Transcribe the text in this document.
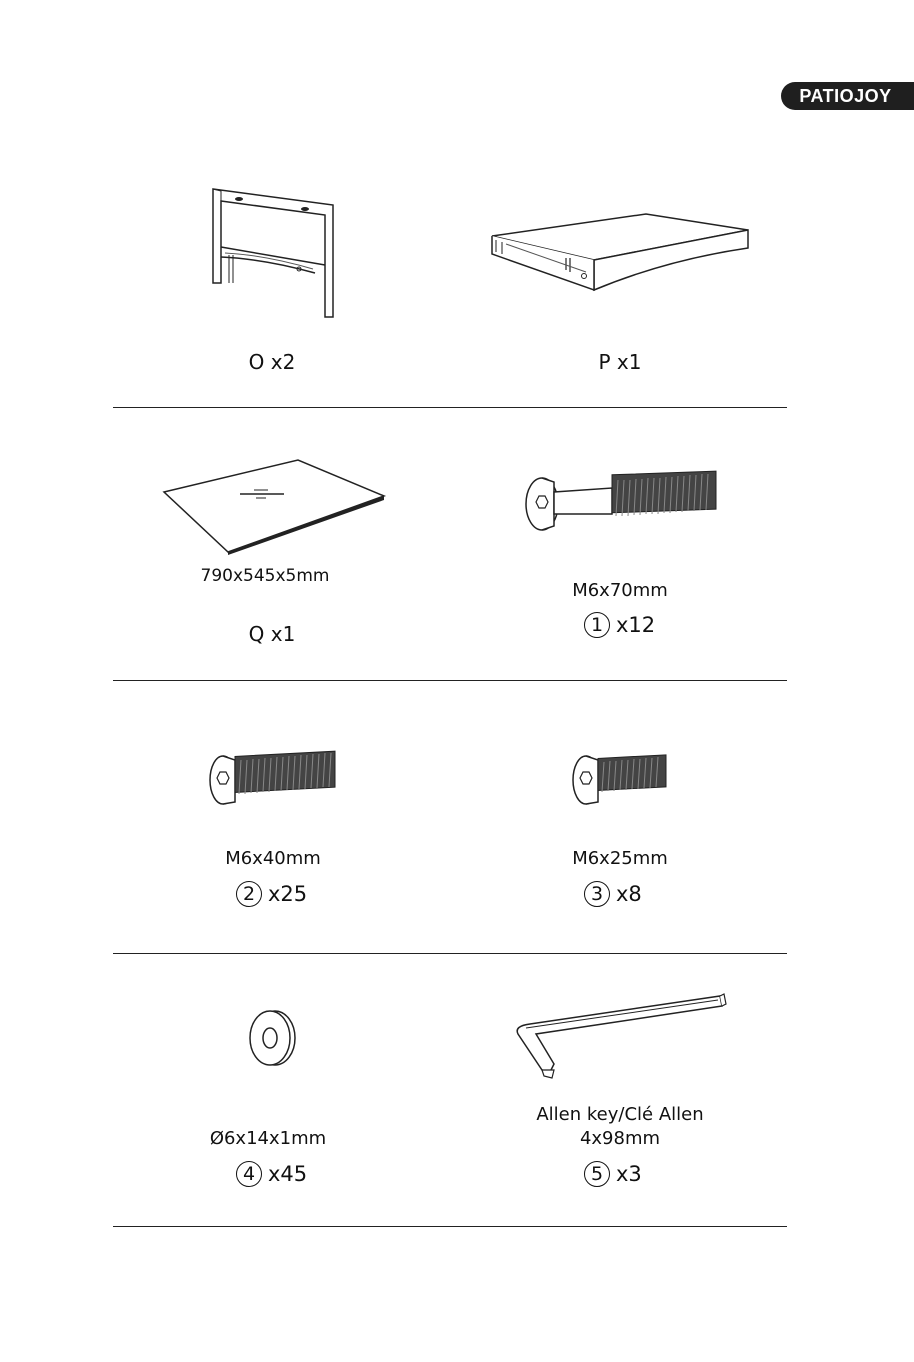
PATIOJOY
O x2	P x1
790x545x5mm
Q x1
M6x70mm
1 x12
M6x40mm
2 x25
M6x25mm
3 x8
Ø6x14x1mm
4 x45
Allen key/Clé Allen
4x98mm
5 x3
